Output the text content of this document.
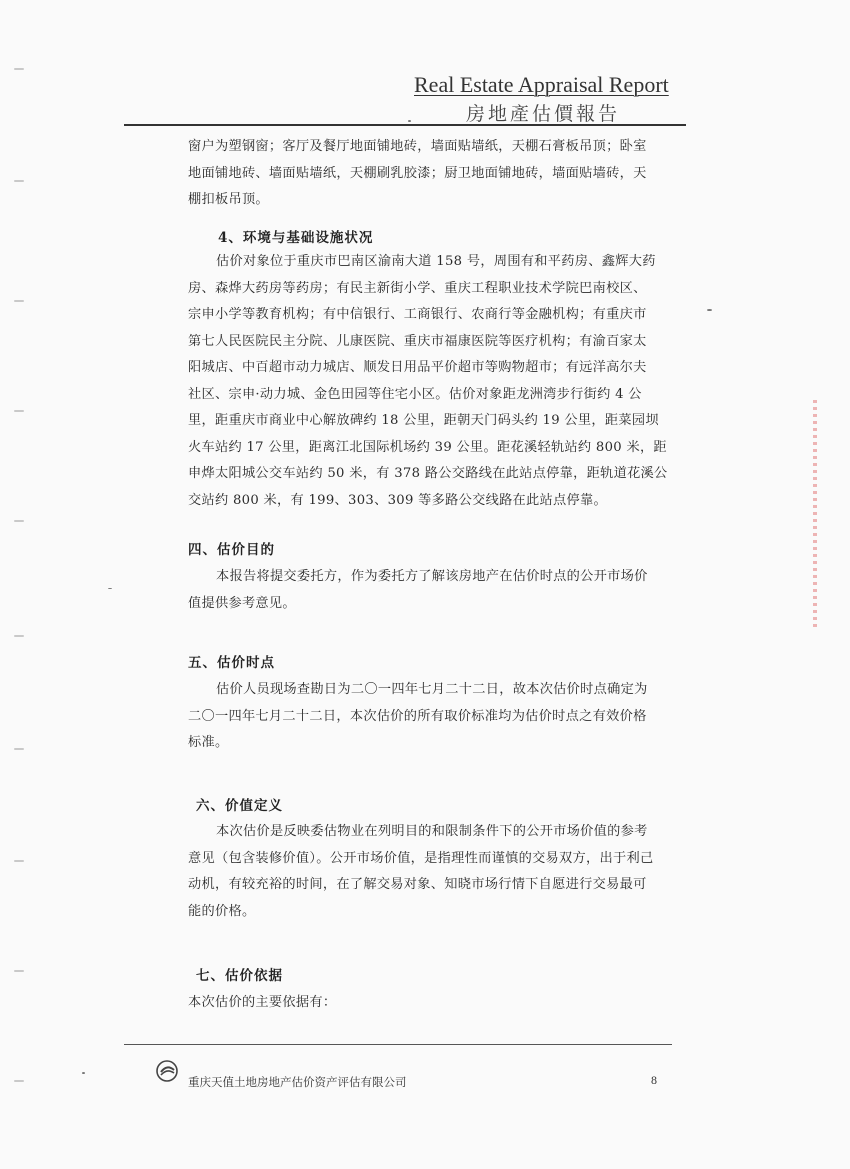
Real Estate Appraisal Report
房地產估價報告
窗户为塑钢窗；客厅及餐厅地面铺地砖，墙面贴墙纸，天棚石膏板吊顶；卧室
地面铺地砖、墙面贴墙纸，天棚刷乳胶漆；厨卫地面铺地砖，墙面贴墙砖，天
棚扣板吊顶。
4、环境与基础设施状况
估价对象位于重庆市巴南区渝南大道 158 号，周围有和平药房、鑫辉大药
房、森烨大药房等药房；有民主新街小学、重庆工程职业技术学院巴南校区、
宗申小学等教育机构；有中信银行、工商银行、农商行等金融机构；有重庆市
第七人民医院民主分院、儿康医院、重庆市福康医院等医疗机构；有渝百家太
阳城店、中百超市动力城店、顺发日用品平价超市等购物超市；有远洋高尔夫
社区、宗申·动力城、金色田园等住宅小区。估价对象距龙洲湾步行街约 4 公
里，距重庆市商业中心解放碑约 18 公里，距朝天门码头约 19 公里，距菜园坝
火车站约 17 公里，距离江北国际机场约 39 公里。距花溪轻轨站约 800 米，距
申烨太阳城公交车站约 50 米，有 378 路公交路线在此站点停靠，距轨道花溪公
交站约 800 米，有 199、303、309 等多路公交线路在此站点停靠。
四、估价目的
本报告将提交委托方，作为委托方了解该房地产在估价时点的公开市场价
值提供参考意见。
五、估价时点
估价人员现场查勘日为二〇一四年七月二十二日，故本次估价时点确定为
二〇一四年七月二十二日，本次估价的所有取价标准均为估价时点之有效价格
标准。
六、价值定义
本次估价是反映委估物业在列明目的和限制条件下的公开市场价值的参考
意见（包含装修价值）。公开市场价值，是指理性而谨慎的交易双方，出于利己
动机，有较充裕的时间，在了解交易对象、知晓市场行情下自愿进行交易最可
能的价格。
七、估价依据
本次估价的主要依据有：
重庆天值土地房地产估价资产评估有限公司	8
